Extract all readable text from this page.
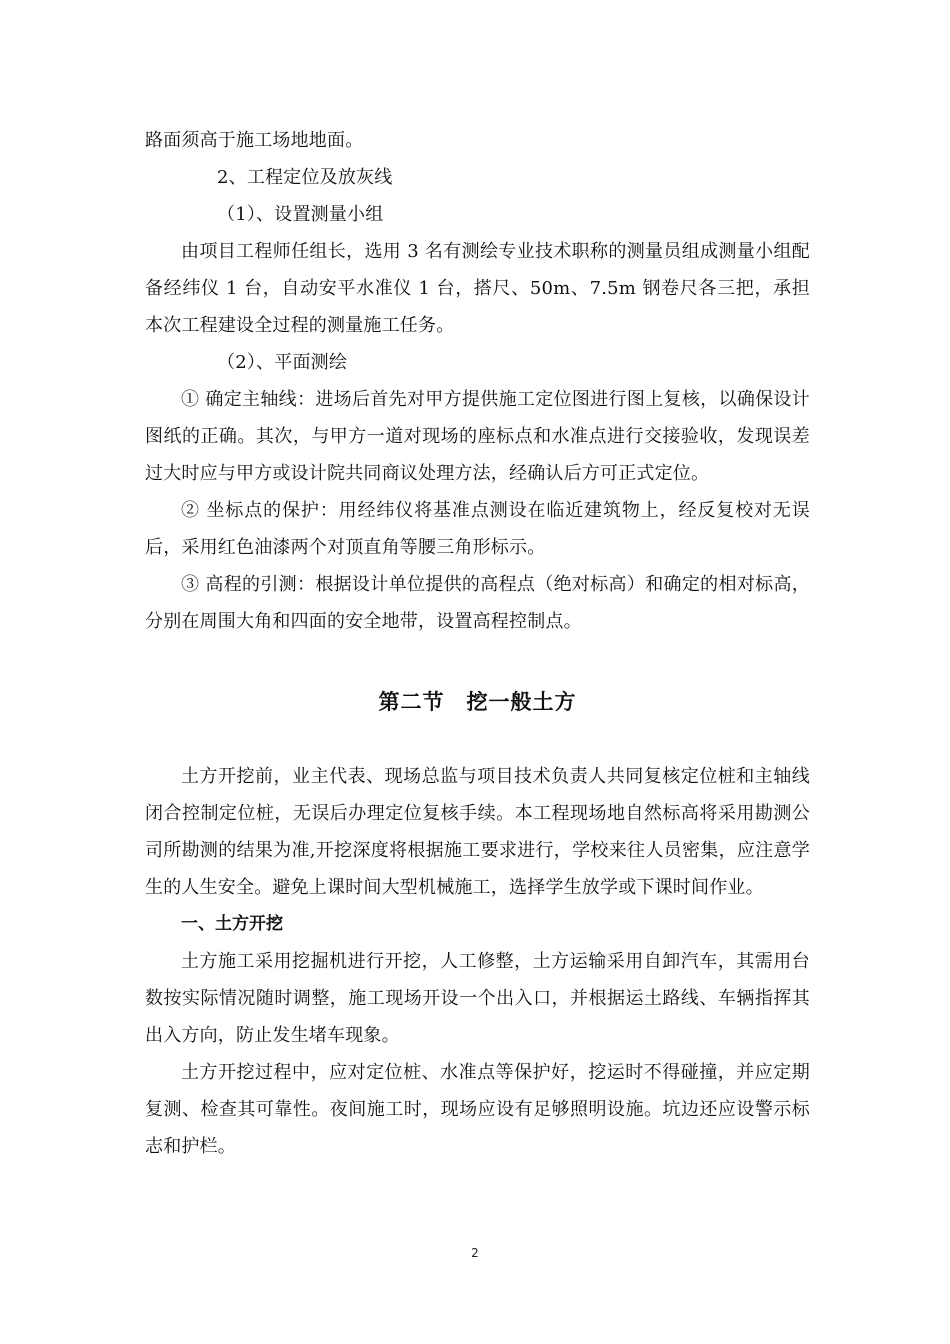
路面须高于施工场地地面。

2、工程定位及放灰线

（1）、设置测量小组

由项目工程师任组长，选用 3 名有测绘专业技术职称的测量员组成测量小组配备经纬仪 1 台，自动安平水准仪 1 台，搭尺、50m、7.5m 钢卷尺各三把，承担本次工程建设全过程的测量施工任务。

（2）、平面测绘

① 确定主轴线：进场后首先对甲方提供施工定位图进行图上复核，以确保设计图纸的正确。其次，与甲方一道对现场的座标点和水准点进行交接验收，发现误差过大时应与甲方或设计院共同商议处理方法，经确认后方可正式定位。

② 坐标点的保护：用经纬仪将基准点测设在临近建筑物上，经反复校对无误后，采用红色油漆两个对顶直角等腰三角形标示。

③ 高程的引测：根据设计单位提供的高程点（绝对标高）和确定的相对标高，分别在周围大角和四面的安全地带，设置高程控制点。

第二节 挖一般土方

土方开挖前，业主代表、现场总监与项目技术负责人共同复核定位桩和主轴线闭合控制定位桩，无误后办理定位复核手续。本工程现场地自然标高将采用勘测公司所勘测的结果为准,开挖深度将根据施工要求进行，学校来往人员密集，应注意学生的人生安全。避免上课时间大型机械施工，选择学生放学或下课时间作业。

一、土方开挖

土方施工采用挖掘机进行开挖，人工修整，土方运输采用自卸汽车，其需用台数按实际情况随时调整，施工现场开设一个出入口，并根据运土路线、车辆指挥其出入方向，防止发生堵车现象。

土方开挖过程中，应对定位桩、水准点等保护好，挖运时不得碰撞，并应定期复测、检查其可靠性。夜间施工时，现场应设有足够照明设施。坑边还应设警示标志和护栏。

2
